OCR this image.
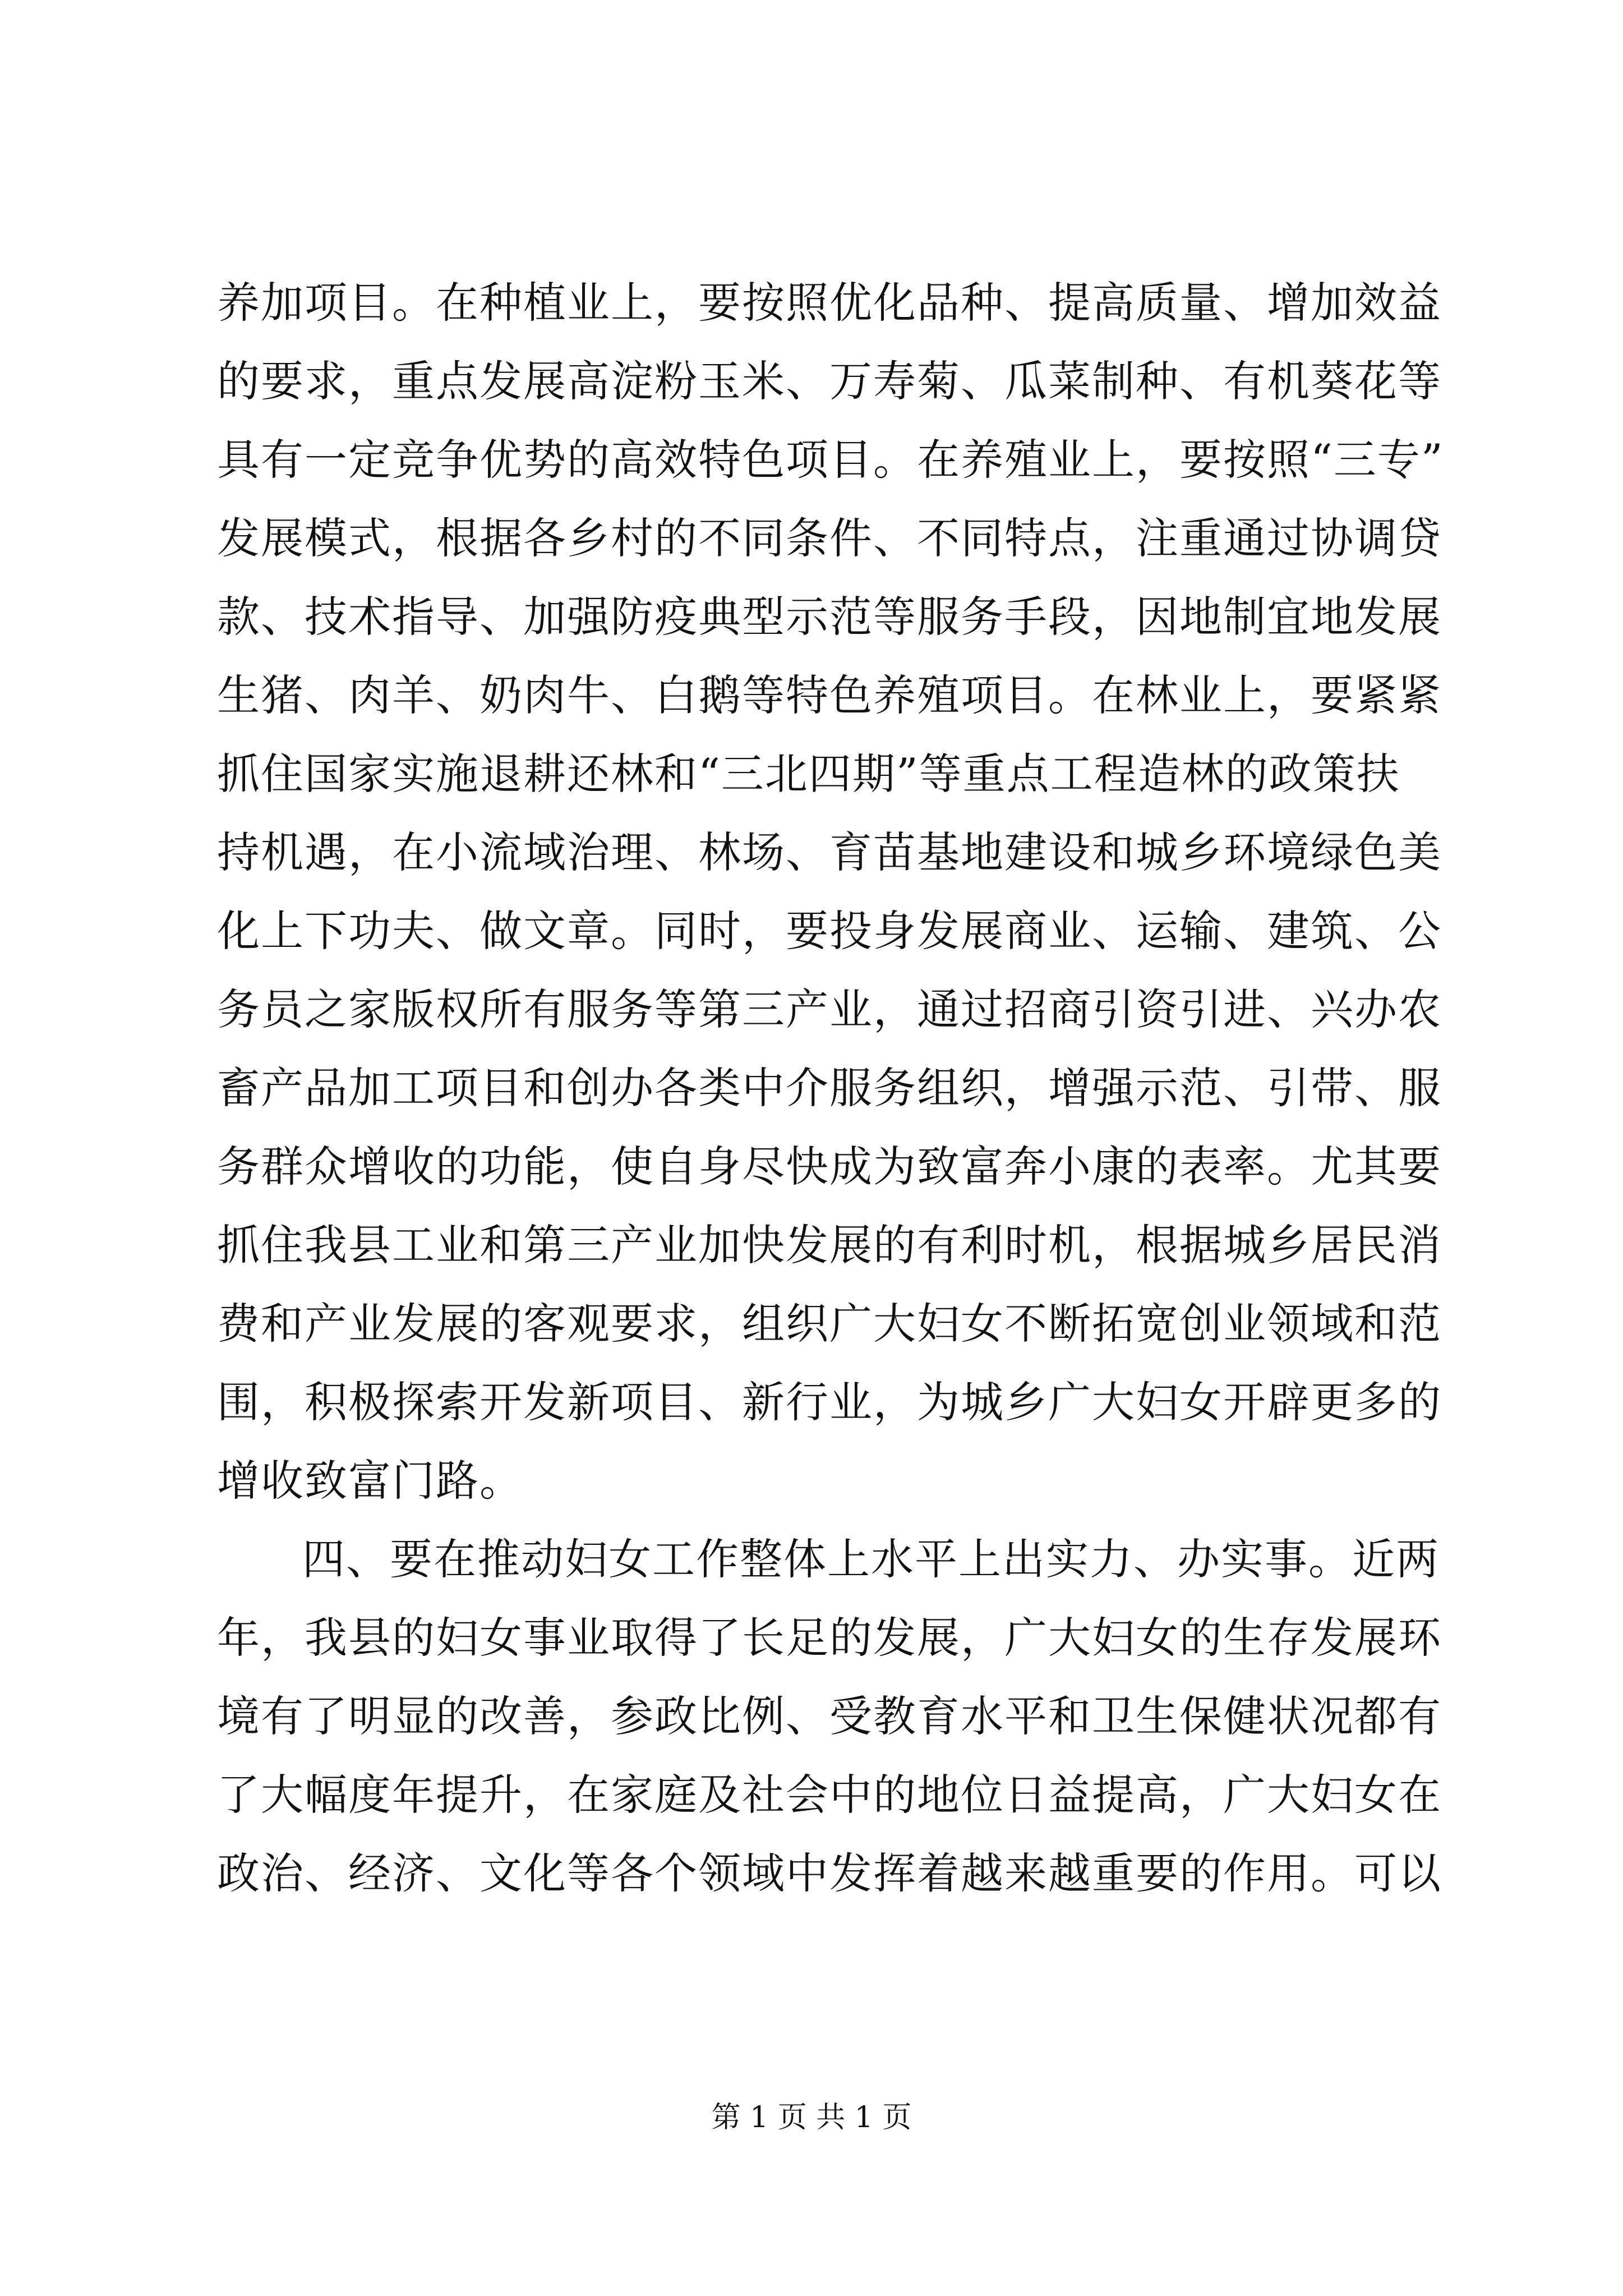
养加项目。在种植业上，要按照优化品种、提高质量、增加效益
的要求，重点发展高淀粉玉米、万寿菊、瓜菜制种、有机葵花等
具有一定竞争优势的高效特色项目。在养殖业上，要按照“三专”
发展模式，根据各乡村的不同条件、不同特点，注重通过协调贷
款、技术指导、加强防疫典型示范等服务手段，因地制宜地发展
生猪、肉羊、奶肉牛、白鹅等特色养殖项目。在林业上，要紧紧
抓住国家实施退耕还林和“三北四期”等重点工程造林的政策扶
持机遇，在小流域治理、林场、育苗基地建设和城乡环境绿色美
化上下功夫、做文章。同时，要投身发展商业、运输、建筑、公
务员之家版权所有服务等第三产业，通过招商引资引进、兴办农
畜产品加工项目和创办各类中介服务组织，增强示范、引带、服
务群众增收的功能，使自身尽快成为致富奔小康的表率。尤其要
抓住我县工业和第三产业加快发展的有利时机，根据城乡居民消
费和产业发展的客观要求，组织广大妇女不断拓宽创业领域和范
围，积极探索开发新项目、新行业，为城乡广大妇女开辟更多的
增收致富门路。
四、要在推动妇女工作整体上水平上出实力、办实事。近两
年，我县的妇女事业取得了长足的发展，广大妇女的生存发展环
境有了明显的改善，参政比例、受教育水平和卫生保健状况都有
了大幅度年提升，在家庭及社会中的地位日益提高，广大妇女在
政治、经济、文化等各个领域中发挥着越来越重要的作用。可以
第 1 页 共 1 页
